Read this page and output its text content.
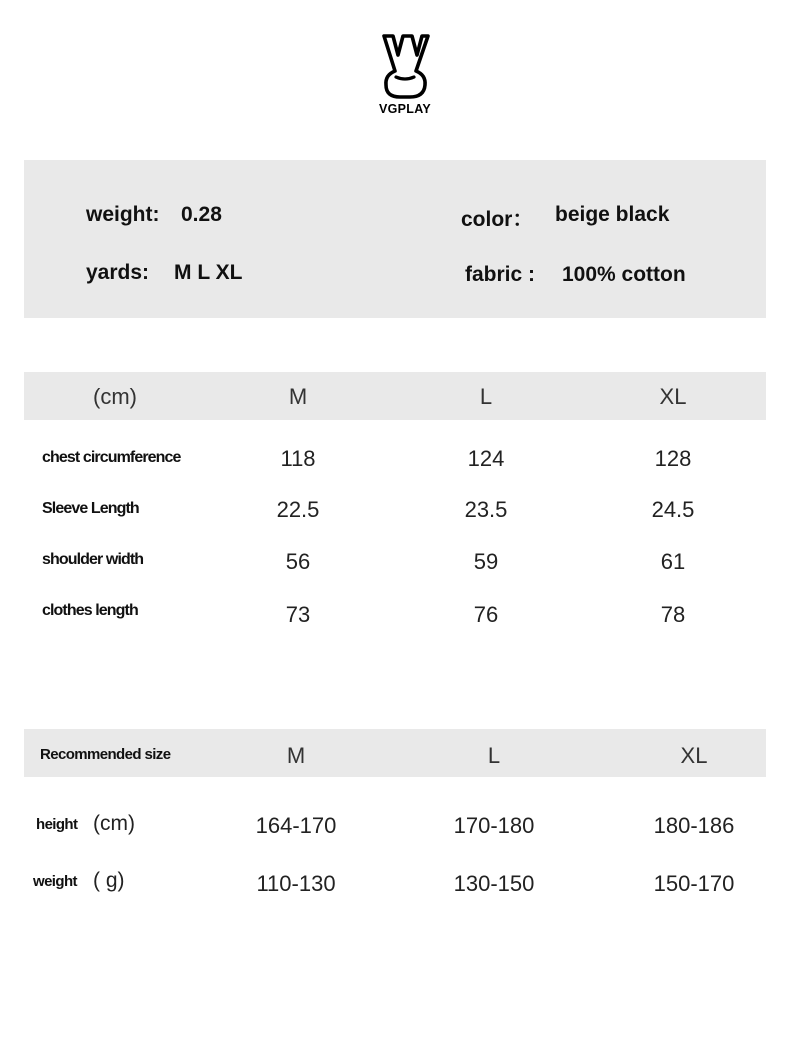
VGPLAY
weight: 0.28	color： beige black
yards: M L XL	fabric : 100% cotton
(cm)	M	L	XL
chest circumference	118	124	128
Sleeve Length	22.5	23.5	24.5
shoulder width	56	59	61
clothes length	73	76	78
Recommended size	M	L	XL
height (cm)	164-170	170-180	180-186
weight ( g)	110-130	130-150	150-170
